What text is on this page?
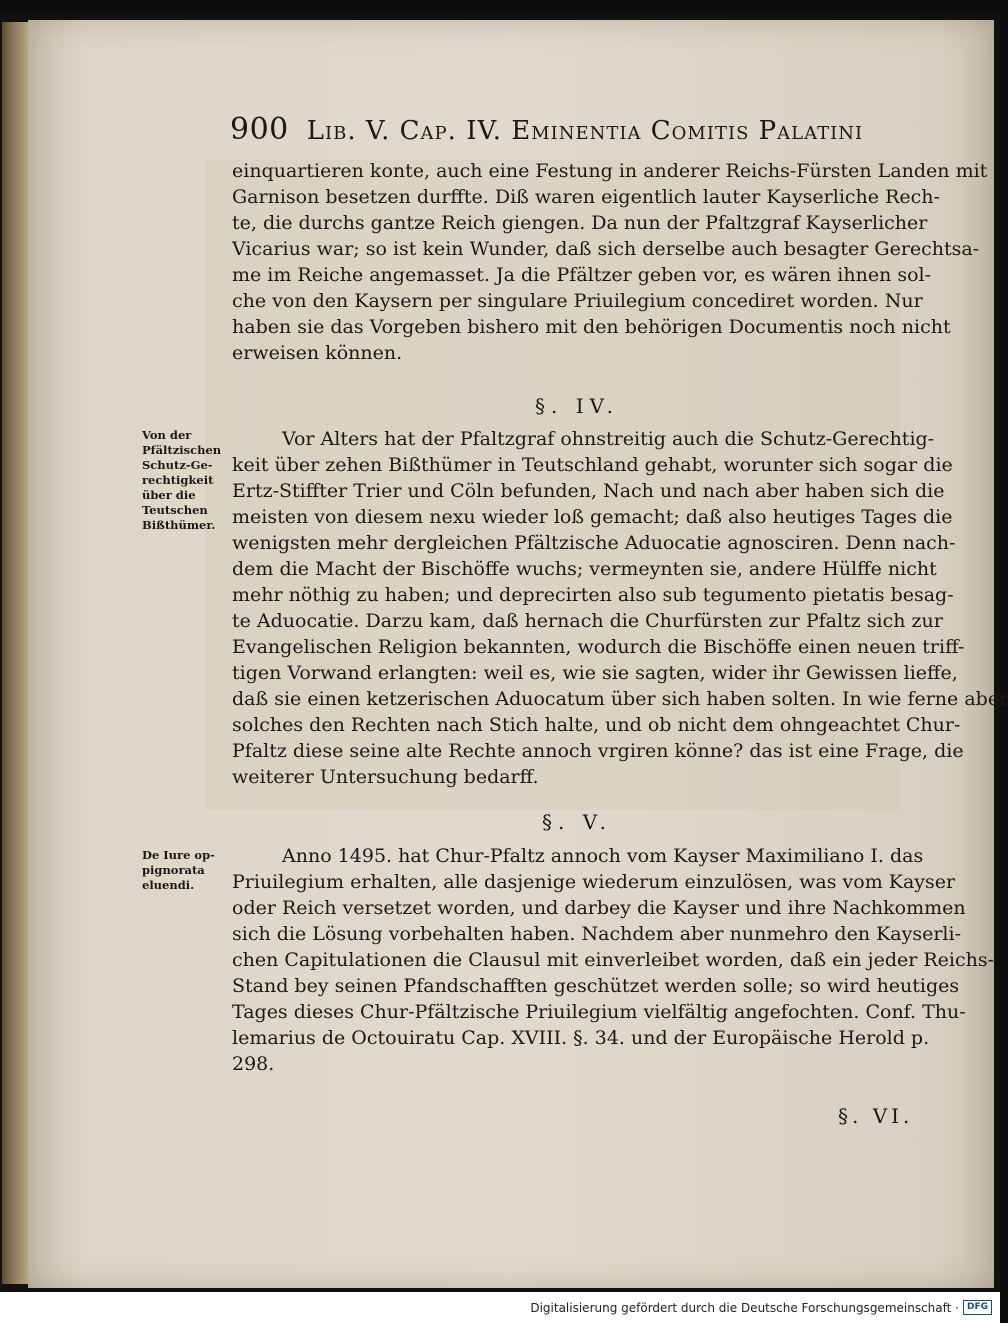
900 Lib. V. Cap. IV. Eminentia Comitis Palatini
einquartieren konte, auch eine Festung in anderer Reichs-Fürsten Landen mit
Garnison besetzen durffte. Diß waren eigentlich lauter Kayserliche Rech-
te, die durchs gantze Reich giengen. Da nun der Pfaltzgraf Kayserlicher
Vicarius war; so ist kein Wunder, daß sich derselbe auch besagter Gerechtsa-
me im Reiche angemasset. Ja die Pfältzer geben vor, es wären ihnen sol-
che von den Kaysern per singulare Priuilegium concediret worden. Nur
haben sie das Vorgeben bishero mit den behörigen Documentis noch nicht
erweisen können.
§. IV.
Von der
Pfältzischen
Schutz-Ge-
rechtigkeit
über die
Teutschen
Bißthümer.
Vor Alters hat der Pfaltzgraf ohnstreitig auch die Schutz-Gerechtig-
keit über zehen Bißthümer in Teutschland gehabt, worunter sich sogar die
Ertz-Stiffter Trier und Cöln befunden, Nach und nach aber haben sich die
meisten von diesem nexu wieder loß gemacht; daß also heutiges Tages die
wenigsten mehr dergleichen Pfältzische Aduocatie agnosciren. Denn nach-
dem die Macht der Bischöffe wuchs; vermeynten sie, andere Hülffe nicht
mehr nöthig zu haben; und deprecirten also sub tegumento pietatis besag-
te Aduocatie. Darzu kam, daß hernach die Churfürsten zur Pfaltz sich zur
Evangelischen Religion bekannten, wodurch die Bischöffe einen neuen triff-
tigen Vorwand erlangten: weil es, wie sie sagten, wider ihr Gewissen lieffe,
daß sie einen ketzerischen Aduocatum über sich haben solten. In wie ferne aber
solches den Rechten nach Stich halte, und ob nicht dem ohngeachtet Chur-
Pfaltz diese seine alte Rechte annoch vrgiren könne? das ist eine Frage, die
weiterer Untersuchung bedarff.
§. V.
De Iure op-
pignorata
eluendi.
Anno 1495. hat Chur-Pfaltz annoch vom Kayser Maximiliano I. das
Priuilegium erhalten, alle dasjenige wiederum einzulösen, was vom Kayser
oder Reich versetzet worden, und darbey die Kayser und ihre Nachkommen
sich die Lösung vorbehalten haben. Nachdem aber nunmehro den Kayserli-
chen Capitulationen die Clausul mit einverleibet worden, daß ein jeder Reichs-
Stand bey seinen Pfandschafften geschützet werden solle; so wird heutiges
Tages dieses Chur-Pfältzische Priuilegium vielfältig angefochten. Conf. Thu-
lemarius de Octouiratu Cap. XVIII. §. 34. und der Europäische Herold p.
298.
§. VI.
Digitalisierung gefördert durch die Deutsche Forschungsgemeinschaft · DFG
